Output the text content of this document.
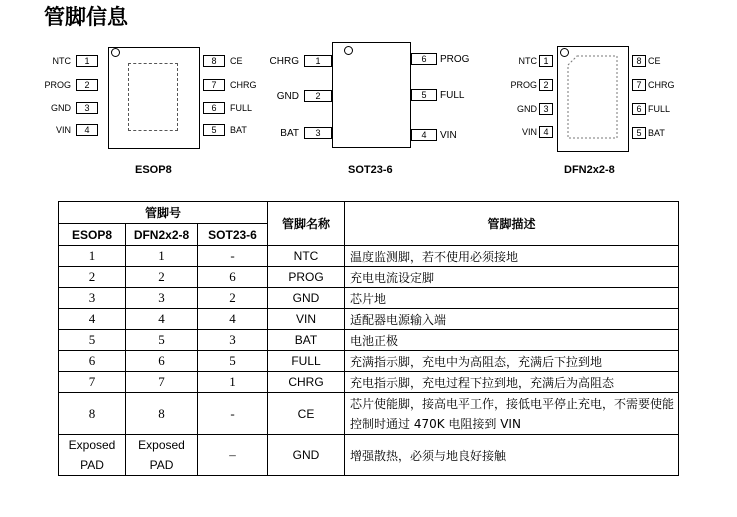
管脚信息
NTC	1
PROG	2
GND	3
VIN	4
8	CE
7	CHRG
6	FULL
5	BAT
ESOP8
CHRG	1
GND	2
BAT	3
6	PROG
5	FULL
4	VIN
SOT23-6
NTC 1
PROG 2
GND 3
VIN 4
8 CE
7 CHRG
6 FULL
5 BAT
DFN2x2-8
管脚号			管脚名称	管脚描述
ESOP8	DFN2x2-8	SOT23-6		
1	1	-	NTC	温度监测脚，若不使用必须接地
2	2	6	PROG	充电电流设定脚
3	3	2	GND	芯片地
4	4	4	VIN	适配器电源输入端
5	5	3	BAT	电池正极
6	6	5	FULL	充满指示脚，充电中为高阻态，充满后下拉到地
7	7	1	CHRG	充电指示脚，充电过程下拉到地，充满后为高阻态
8	8	-	CE	芯片使能脚，接高电平工作，接低电平停止充电，不需要使能控制时通过 470K 电阻接到 VIN
Exposed PAD	Exposed PAD	–	GND	增强散热，必须与地良好接触
